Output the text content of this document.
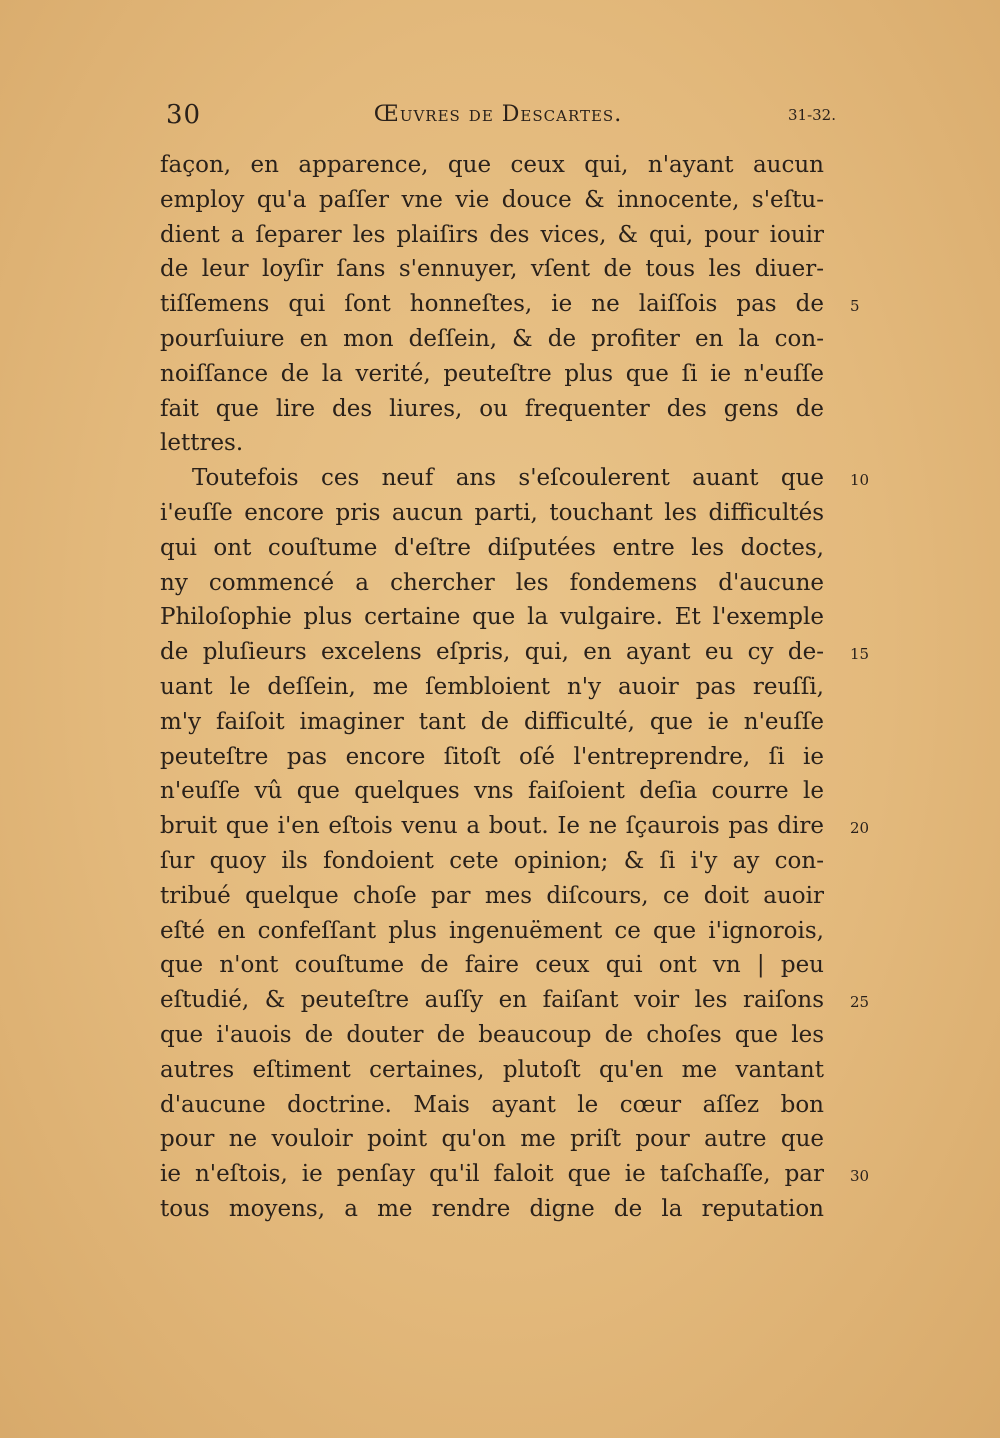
30	Œuvres de Descartes.	31-32.
façon, en apparence, que ceux qui, n'ayant aucun
employ qu'a paſſer vne vie douce & innocente, s'eſtu-
dient a ſeparer les plaiſirs des vices, & qui, pour iouir
de leur loyſir ſans s'ennuyer, vſent de tous les diuer-
tiſſemens qui ſont honneſtes, ie ne laiſſois pas de
pourſuiure en mon deſſein, & de profiter en la con-
noiſſance de la verité, peuteſtre plus que ſi ie n'euſſe
fait que lire des liures, ou frequenter des gens de
lettres.
Toutefois ces neuf ans s'eſcoulerent auant que
i'euſſe encore pris aucun parti, touchant les difficultés
qui ont couſtume d'eſtre diſputées entre les doctes,
ny commencé a chercher les fondemens d'aucune
Philoſophie plus certaine que la vulgaire. Et l'exemple
de pluſieurs excelens eſpris, qui, en ayant eu cy de-
uant le deſſein, me ſembloient n'y auoir pas reuſſi,
m'y faiſoit imaginer tant de difficulté, que ie n'euſſe
peuteſtre pas encore ſitoſt oſé l'entreprendre, ſi ie
n'euſſe vû que quelques vns faiſoient deſia courre le
bruit que i'en eſtois venu a bout. Ie ne ſçaurois pas dire
ſur quoy ils fondoient cete opinion; & ſi i'y ay con-
tribué quelque choſe par mes diſcours, ce doit auoir
eſté en confeſſant plus ingenuëment ce que i'ignorois,
que n'ont couſtume de faire ceux qui ont vn | peu
eſtudié, & peuteſtre auſſy en faiſant voir les raiſons
que i'auois de douter de beaucoup de choſes que les
autres eſtiment certaines, plutoſt qu'en me vantant
d'aucune doctrine. Mais ayant le cœur aſſez bon
pour ne vouloir point qu'on me priſt pour autre que
ie n'eſtois, ie penſay qu'il faloit que ie taſchaſſe, par
tous moyens, a me rendre digne de la reputation
5
10
15
20
25
30
